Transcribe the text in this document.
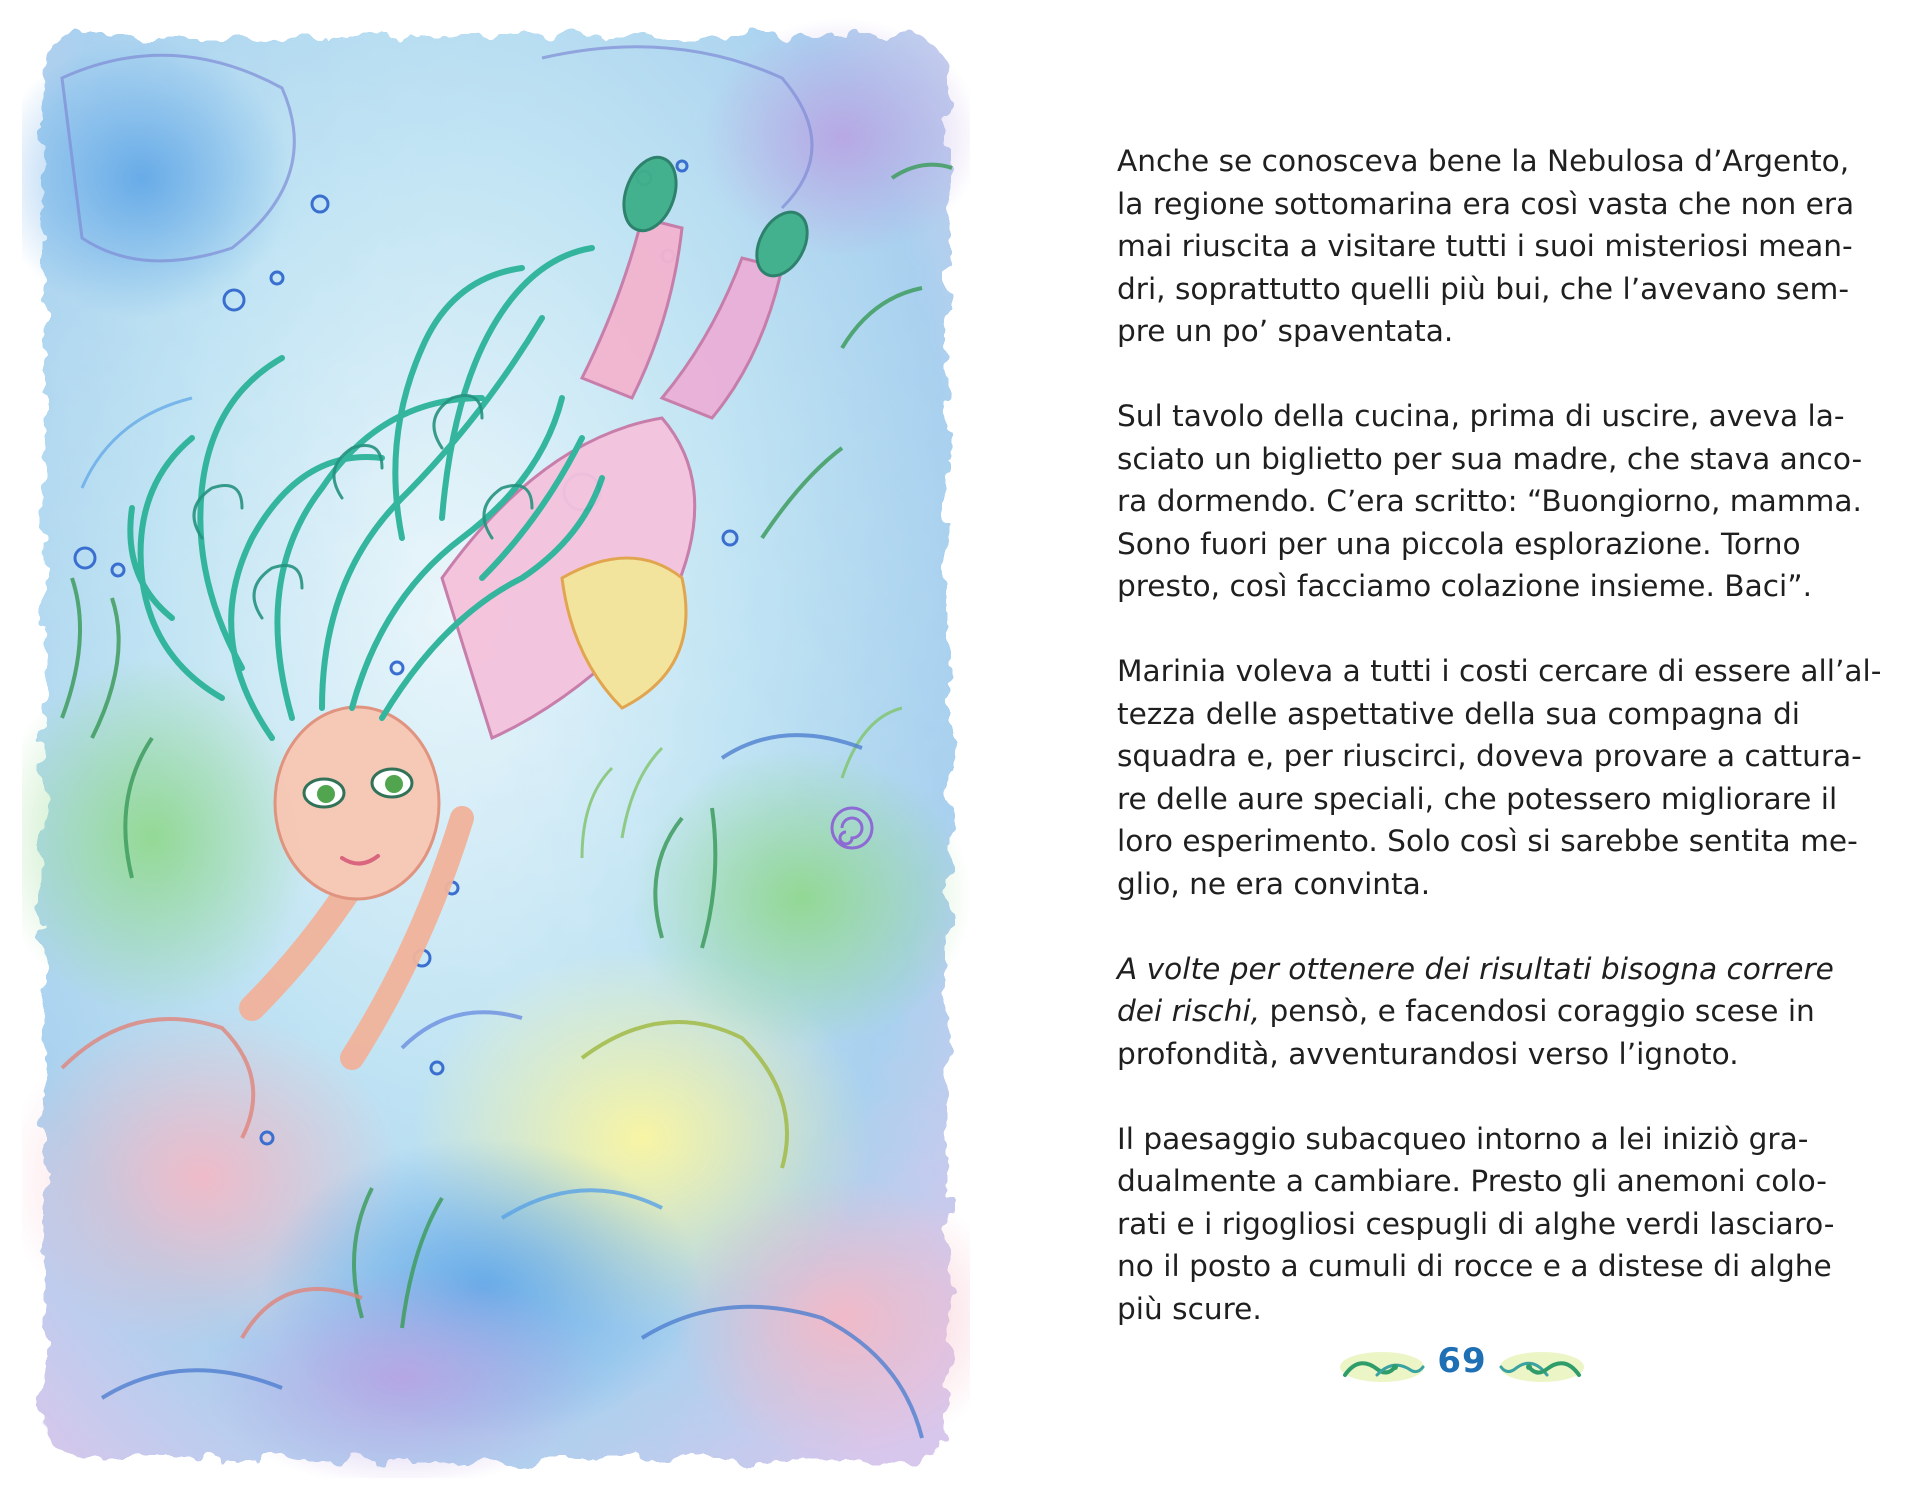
Anche se conosceva bene la Nebulosa d’Argento,
la regione sottomarina era così vasta che non era
mai riuscita a visitare tutti i suoi misteriosi mean-
dri, soprattutto quelli più bui, che l’avevano sem-
pre un po’ spaventata.

Sul tavolo della cucina, prima di uscire, aveva la-
sciato un biglietto per sua madre, che stava anco-
ra dormendo. C’era scritto: “Buongiorno, mamma.
Sono fuori per una piccola esplorazione. Torno
presto, così facciamo colazione insieme. Baci”.

Marinia voleva a tutti i costi cercare di essere all’al-
tezza delle aspettative della sua compagna di
squadra e, per riuscirci, doveva provare a cattura-
re delle aure speciali, che potessero migliorare il
loro esperimento. Solo così si sarebbe sentita me-
glio, ne era convinta.

A volte per ottenere dei risultati bisogna correre
dei rischi, pensò, e facendosi coraggio scese in
profondità, avventurandosi verso l’ignoto.

Il paesaggio subacqueo intorno a lei iniziò gra-
dualmente a cambiare. Presto gli anemoni colo-
rati e i rigogliosi cespugli di alghe verdi lasciaro-
no il posto a cumuli di rocce e a distese di alghe
più scure.

69
